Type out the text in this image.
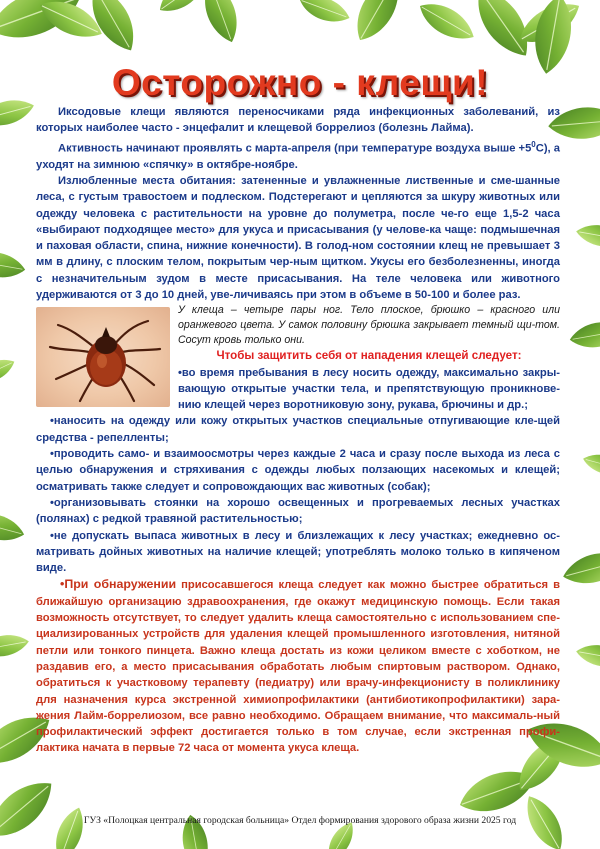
Осторожно - клещи!

Иксодовые клещи являются переносчиками ряда инфекционных заболеваний, из которых наиболее часто - энцефалит и клещевой боррелиоз (болезнь Лайма).

Активность начинают проявлять с марта-апреля (при температуре воздуха выше $+5^0С$), а уходят на зимнюю «спячку» в октябре-ноябре.

Излюбленные места обитания: затененные и увлажненные лиственные и сме-шанные леса, с густым травостоем и подлеском. Подстерегают и цепляются за шкуру животных или одежду человека с растительности на уровне до полуметра, после че-го еще 1,5-2 часа «выбирают подходящее место» для укуса и присасывания (у челове-ка чаще: подмышечная и паховая области, спина, нижние конечности). В голод-ном состоянии клещ не превышает 3 мм в длину, с плоским телом, покрытым чер-ным щитком. Укусы его безболезненны, иногда с незначительным зудом в месте присасывания. На теле человека или животного удерживаются от 3 до 10 дней, уве-личиваясь при этом в объеме в 50-100 и более раз.

У клеща – четыре пары ног. Тело плоское, брюшко – красного или оранжевого цвета. У самок половину брюшка закрывает темный щи-том. Сосут кровь только они.

Чтобы защитить себя от нападения клещей следует:

•во время пребывания в лесу носить одежду, максимально закры-вающую открытые участки тела, и препятствующую проникнове-нию клещей через воротниковую зону, рукава, брючины и др.;

•наносить на одежду или кожу открытых участков специальные отпугивающие кле-щей средства - репелленты;

•проводить само- и взаимоосмотры через каждые 2 часа и сразу после выхода из леса с целью обнаружения и стряхивания с одежды любых ползающих насекомых и клещей; осматривать также следует и сопровождающих вас животных (собак);

•организовывать стоянки на хорошо освещенных и прогреваемых лесных участках (полянах) с редкой травяной растительностью;

•не допускать выпаса животных в лесу и близлежащих к лесу участках; ежедневно ос-матривать дойных животных на наличие клещей; употреблять молоко только в кипяченом виде.

•При обнаружении присосавшегося клеща следует как можно быстрее обратиться в ближайшую организацию здравоохранения, где окажут медицинскую помощь. Если такая возможность отсутствует, то следует удалить клеща самостоятельно с использованием спе-циализированных устройств для удаления клещей промышленного изготовления, нитяной петли или тонкого пинцета. Важно клеща достать из кожи целиком вместе с хоботком, не раздавив его, а место присасывания обработать любым спиртовым раствором. Однако, обратиться к участковому терапевту (педиатру) или врачу-инфекционисту в поликлинику для назначения курса экстренной химиопрофилактики (антибиотикопрофилактики) зара-жения Лайм-боррелиозом, все равно необходимо. Обращаем внимание, что максималь-ный профилактический эффект достигается только в том случае, если экстренная профи-лактика начата в первые 72 часа от момента укуса клеща.

ГУЗ «Полоцкая центральная городская больница» Отдел формирования здорового образа жизни 2025 год
